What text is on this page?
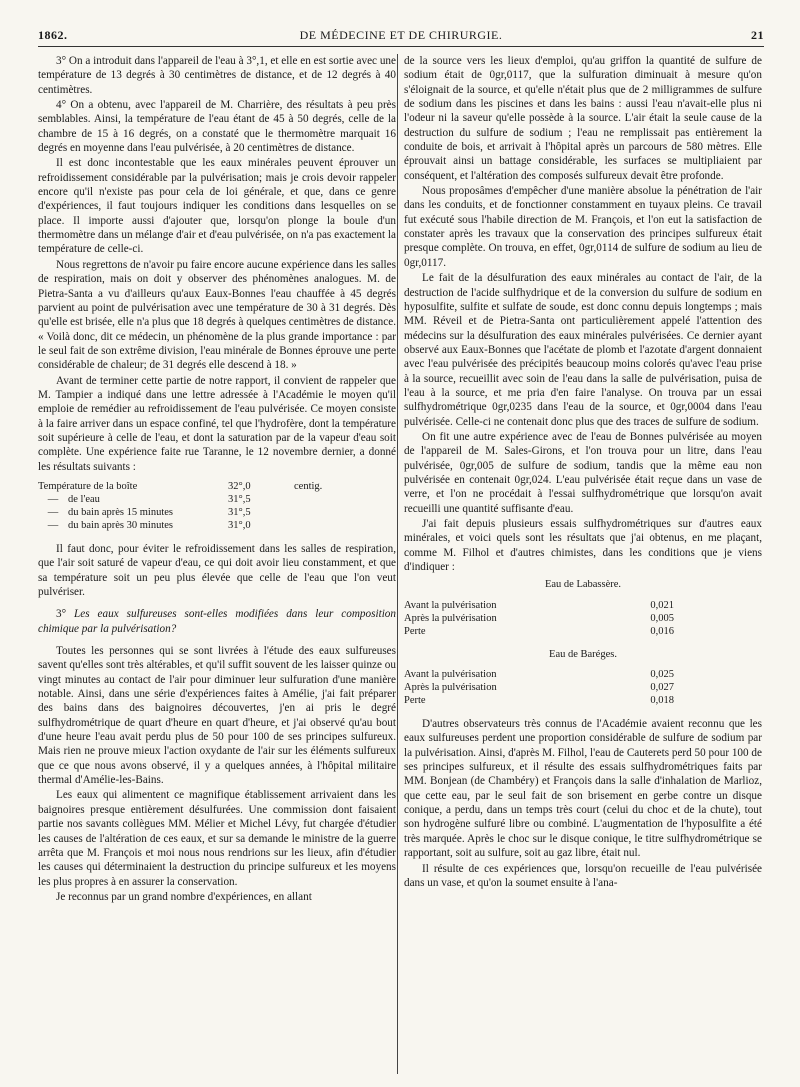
1862.	DE MÉDECINE ET DE CHIRURGIE.	21

3° On a introduit dans l'appareil de l'eau à 3°,1, et elle en est sortie avec une température de 13 degrés à 30 centimètres de distance, et de 12 degrés à 40 centimètres.

4° On a obtenu, avec l'appareil de M. Charrière, des résultats à peu près semblables. Ainsi, la température de l'eau étant de 45 à 50 degrés, celle de la chambre de 15 à 16 degrés, on a constaté que le thermomètre marquait 16 degrés en moyenne dans l'eau pulvérisée, à 20 centimètres de distance.

Il est donc incontestable que les eaux minérales peuvent éprouver un refroidissement considérable par la pulvérisation; mais je crois devoir rappeler encore qu'il n'existe pas pour cela de loi générale, et que, dans ce genre d'expériences, il faut toujours indiquer les conditions dans lesquelles on se place. Il importe aussi d'ajouter que, lorsqu'on plonge la boule d'un thermomètre dans un mélange d'air et d'eau pulvérisée, on n'a pas exactement la température de celle-ci.

Nous regrettons de n'avoir pu faire encore aucune expérience dans les salles de respiration, mais on doit y observer des phénomènes analogues. M. de Pietra-Santa a vu d'ailleurs qu'aux Eaux-Bonnes l'eau chauffée à 45 degrés parvient au point de pulvérisation avec une température de 30 à 31 degrés. Dès qu'elle est brisée, elle n'a plus que 18 degrés à quelques centimètres de distance. « Voilà donc, dit ce médecin, un phénomène de la plus grande importance : par le seul fait de son extrême division, l'eau minérale de Bonnes éprouve une perte considérable de chaleur; de 31 degrés elle descend à 18. »

Avant de terminer cette partie de notre rapport, il convient de rappeler que M. Tampier a indiqué dans une lettre adressée à l'Académie le moyen qu'il emploie de remédier au refroidissement de l'eau pulvérisée. Ce moyen consiste à la faire arriver dans un espace confiné, tel que l'hydrofère, dont la température soit supérieure à celle de l'eau, et dont la saturation par de la vapeur d'eau soit complète. Une expérience faite rue Taranne, le 12 novembre dernier, a donné les résultats suivants :

Température de la boîte		32°,0	centig.
—	de l'eau	31°,5	
—	du bain après 15 minutes	31°,5	
—	du bain après 30 minutes	31°,0	

Il faut donc, pour éviter le refroidissement dans les salles de respiration, que l'air soit saturé de vapeur d'eau, ce qui doit avoir lieu constamment, et que sa température soit un peu plus élevée que celle de l'eau que l'on veut pulvériser.

3° Les eaux sulfureuses sont-elles modifiées dans leur composition chimique par la pulvérisation?

Toutes les personnes qui se sont livrées à l'étude des eaux sulfureuses savent qu'elles sont très altérables, et qu'il suffit souvent de les laisser quinze ou vingt minutes au contact de l'air pour diminuer leur sulfuration d'une manière notable. Ainsi, dans une série d'expériences faites à Amélie, j'ai fait préparer des bains dans des baignoires découvertes, j'en ai pris le degré sulfhydrométrique de quart d'heure en quart d'heure, et j'ai observé qu'au bout d'une heure l'eau avait perdu plus de 50 pour 100 de ses principes sulfureux. Mais rien ne prouve mieux l'action oxydante de l'air sur les éléments sulfureux que ce que nous avons observé, il y a quelques années, à l'hôpital militaire thermal d'Amélie-les-Bains.

Les eaux qui alimentent ce magnifique établissement arrivaient dans les baignoires presque entièrement désulfurées. Une commission dont faisaient partie nos savants collègues MM. Mélier et Michel Lévy, fut chargée d'étudier les causes de l'altération de ces eaux, et sur sa demande le ministre de la guerre arrêta que M. François et moi nous nous rendrions sur les lieux, afin d'étudier les causes qui déterminaient la destruction du principe sulfureux et les moyens les plus propres à en assurer la conservation.

Je reconnus par un grand nombre d'expériences, en allant

de la source vers les lieux d'emploi, qu'au griffon la quantité de sulfure de sodium était de 0gr,0117, que la sulfuration diminuait à mesure qu'on s'éloignait de la source, et qu'elle n'était plus que de 2 milligrammes de sulfure de sodium dans les piscines et dans les bains : aussi l'eau n'avait-elle plus ni l'odeur ni la saveur qu'elle possède à la source. L'air était la seule cause de la destruction du sulfure de sodium ; l'eau ne remplissait pas entièrement la conduite de bois, et arrivait à l'hôpital après un parcours de 580 mètres. Elle éprouvait ainsi un battage considérable, les surfaces se multipliaient par conséquent, et l'altération des composés sulfureux devait être profonde.

Nous proposâmes d'empêcher d'une manière absolue la pénétration de l'air dans les conduits, et de fonctionner constamment en tuyaux pleins. Ce travail fut exécuté sous l'habile direction de M. François, et l'on eut la satisfaction de constater après les travaux que la conservation des principes sulfureux était presque complète. On trouva, en effet, 0gr,0114 de sulfure de sodium au lieu de 0gr,0117.

Le fait de la désulfuration des eaux minérales au contact de l'air, de la destruction de l'acide sulfhydrique et de la conversion du sulfure de sodium en hyposulfite, sulfite et sulfate de soude, est donc connu depuis longtemps ; mais MM. Réveil et de Pietra-Santa ont particulièrement appelé l'attention des médecins sur la désulfuration des eaux minérales pulvérisées. Ce dernier ayant observé aux Eaux-Bonnes que l'acétate de plomb et l'azotate d'argent donnaient avec l'eau pulvérisée des précipités beaucoup moins colorés qu'avec l'eau prise à la source, recueillit avec soin de l'eau dans la salle de pulvérisation, puisa de l'eau à la source, et me pria d'en faire l'analyse. On trouva par un essai sulfhydrométrique 0gr,0235 dans l'eau de la source, et 0gr,0004 dans l'eau pulvérisée. Celle-ci ne contenait donc plus que des traces de sulfure de sodium.

On fit une autre expérience avec de l'eau de Bonnes pulvérisée au moyen de l'appareil de M. Sales-Girons, et l'on trouva pour un litre, dans l'eau pulvérisée, 0gr,005 de sulfure de sodium, tandis que la même eau non pulvérisée en contenait 0gr,024. L'eau pulvérisée était reçue dans un vase de verre, et l'on ne procédait à l'essai sulfhydrométrique que lorsqu'on avait recueilli une quantité suffisante d'eau.

J'ai fait depuis plusieurs essais sulfhydrométriques sur d'autres eaux minérales, et voici quels sont les résultats que j'ai obtenus, en me plaçant, comme M. Filhol et d'autres chimistes, dans les conditions que je viens d'indiquer :

Eau de Labassère.
Avant la pulvérisation	0,021
Après la pulvérisation	0,005
Perte	0,016
Eau de Baréges.
Avant la pulvérisation	0,025
Après la pulvérisation	0,027
Perte	0,018

D'autres observateurs très connus de l'Académie avaient reconnu que les eaux sulfureuses perdent une proportion considérable de sulfure de sodium par la pulvérisation. Ainsi, d'après M. Filhol, l'eau de Cauterets perd 50 pour 100 de ses principes sulfureux, et il résulte des essais sulfhydrométriques faits par MM. Bonjean (de Chambéry) et François dans la salle d'inhalation de Marlioz, que cette eau, par le seul fait de son brisement en gerbe contre un disque conique, a perdu, dans un temps très court (celui du choc et de la chute), tout son hydrogène sulfuré libre ou combiné. L'augmentation de l'hyposulfite a été très marquée. Après le choc sur le disque conique, le titre sulfhydrométrique se rapportant, soit au sulfure, soit au gaz libre, était nul.

Il résulte de ces expériences que, lorsqu'on recueille de l'eau pulvérisée dans un vase, et qu'on la soumet ensuite à l'ana-
